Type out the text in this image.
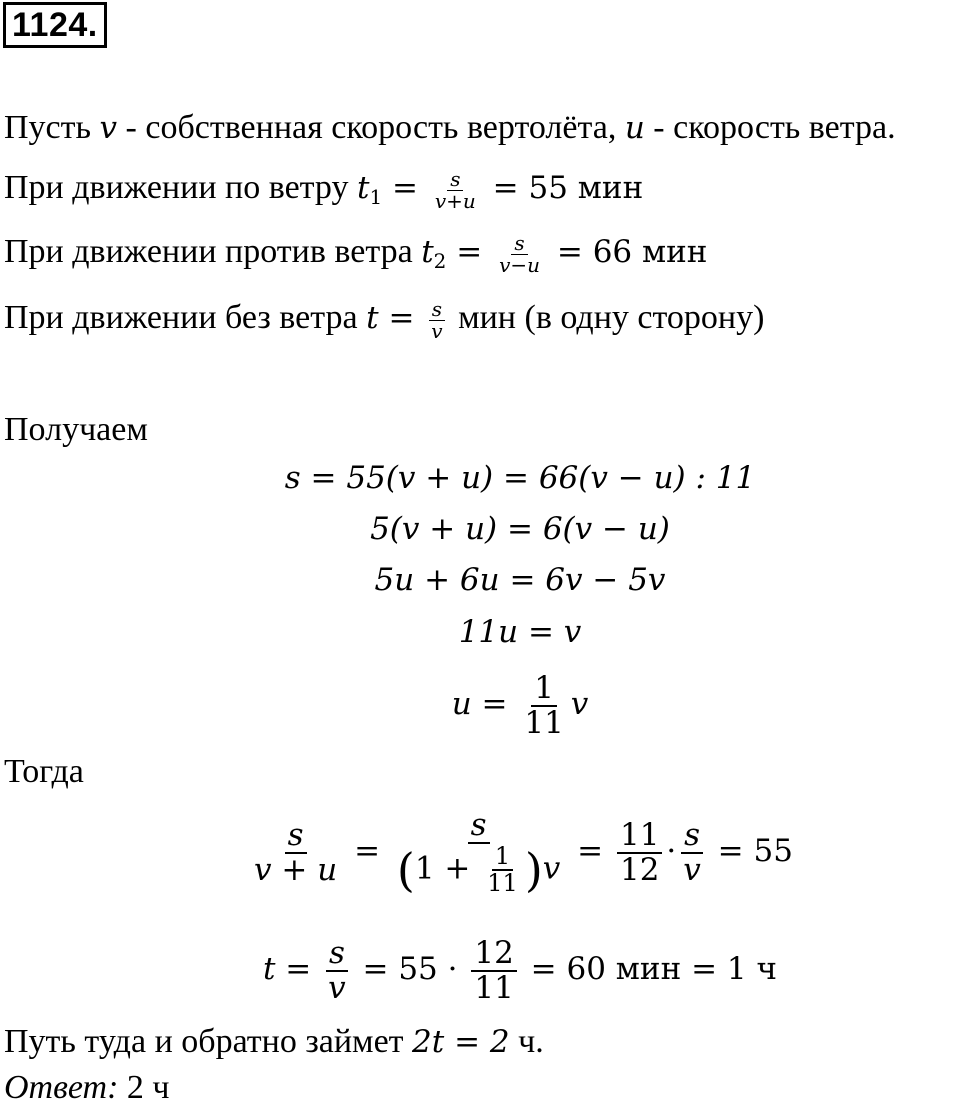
1124.
Пусть v - собственная скорость вертолёта, u - скорость ветра.
При движении по ветру $t_1 = \frac{s}{v+u} = 55$ мин
При движении против ветра $t_2 = \frac{s}{v-u} = 66$ мин
При движении без ветра $t = \frac{s}{v}$ мин (в одну сторону)
Получаем
s = 55(v + u) = 66(v − u) : 11
5(v + u) = 6(v − u)
5u + 6u = 6v − 5v
11u = v
$u = \frac{1}{11}$ v
Тогда
$\frac{s}{v + u} = \frac{s}{(1 + \frac{1}{11} )v} = \frac{11}{12} \cdot \frac{s}{v} = 55$
$t = \frac{s}{v} = 55 \cdot \frac{12}{11} = 60$ мин = 1 ч
Путь туда и обратно займет 2t = 2 ч.
Ответ: 2 ч
